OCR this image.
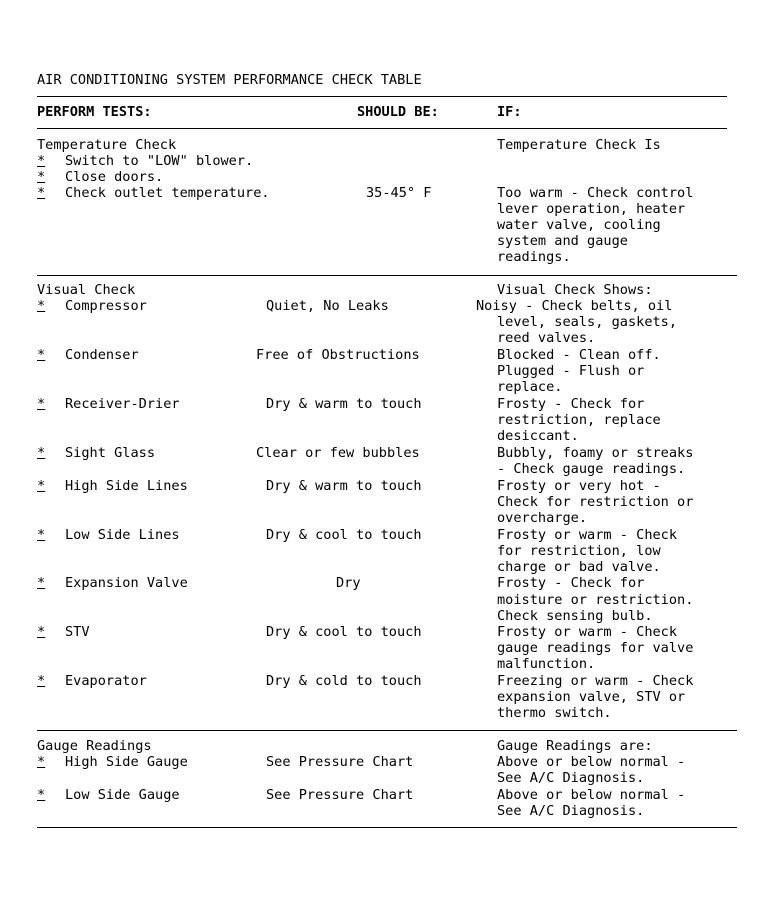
AIR CONDITIONING SYSTEM PERFORMANCE CHECK TABLE
PERFORM TESTS:	SHOULD BE:	IF:
Temperature Check	Temperature Check Is
* Switch to "LOW" blower.
* Close doors.
* Check outlet temperature.	35-45° F	Too warm - Check control
lever operation, heater
water valve, cooling
system and gauge
readings.
Visual Check	Visual Check Shows:
* Compressor	Quiet, No Leaks	Noisy - Check belts, oil
level, seals, gaskets,
reed valves.
* Condenser	Free of Obstructions	Blocked - Clean off.
Plugged - Flush or
replace.
* Receiver-Drier	Dry & warm to touch	Frosty - Check for
restriction, replace
desiccant.
* Sight Glass	Clear or few bubbles	Bubbly, foamy or streaks
- Check gauge readings.
* High Side Lines	Dry & warm to touch	Frosty or very hot -
Check for restriction or
overcharge.
* Low Side Lines	Dry & cool to touch	Frosty or warm - Check
for restriction, low
charge or bad valve.
* Expansion Valve	Dry	Frosty - Check for
moisture or restriction.
Check sensing bulb.
* STV	Dry & cool to touch	Frosty or warm - Check
gauge readings for valve
malfunction.
* Evaporator	Dry & cold to touch	Freezing or warm - Check
expansion valve, STV or
thermo switch.
Gauge Readings	Gauge Readings are:
* High Side Gauge	See Pressure Chart	Above or below normal -
See A/C Diagnosis.
* Low Side Gauge	See Pressure Chart	Above or below normal -
See A/C Diagnosis.
